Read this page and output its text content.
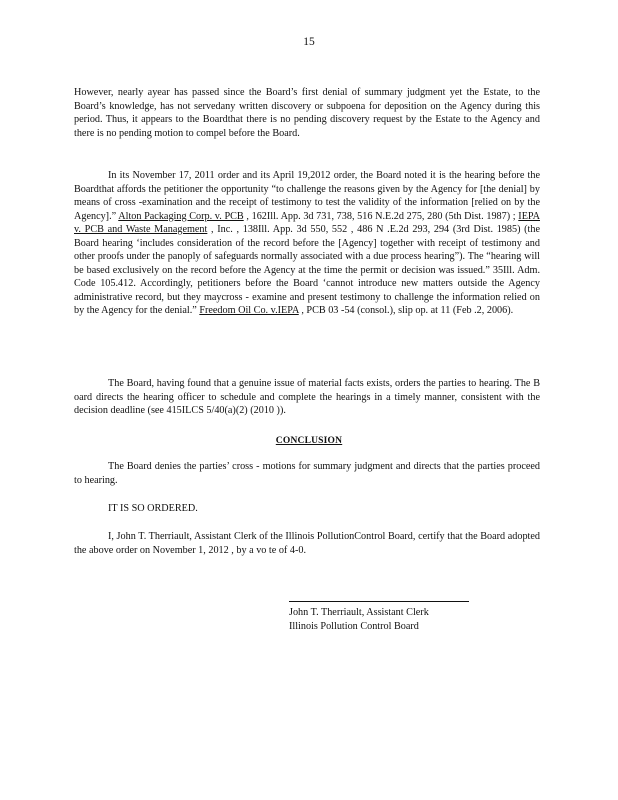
15

However, nearly ayear has passed since the Board’s first denial of summary judgment yet the Estate, to the Board’s knowledge, has not servedany written discovery or subpoena for deposition on the Agency during this period. Thus, it appears to the Boardthat there is no pending discovery request by the Estate to the Agency and there is no pending motion to compel before the Board.

In its November 17, 2011 order and its April 19,2012 order, the Board noted it is the hearing before the Boardthat affords the petitioner the opportunity “to challenge the reasons given by the Agency for [the denial] by means of cross -examination and the receipt of testimony to test the validity of the information [relied on by the Agency].” Alton Packaging Corp. v. PCB , 162Ill. App. 3d 731, 738, 516 N.E.2d 275, 280 (5th Dist. 1987) ; IEPA v. PCB and Waste Management , Inc. , 138Ill. App. 3d 550, 552 , 486 N .E.2d 293, 294 (3rd Dist. 1985) (the Board hearing ‘includes consideration of the record before the [Agency] together with receipt of testimony and other proofs under the panoply of safeguards normally associated with a due process hearing”). The “hearing will be based exclusively on the record before the Agency at the time the permit or decision was issued.” 35Ill. Adm. Code 105.412. Accordingly, petitioners before the Board ‘cannot introduce new matters outside the Agency administrative record, but they maycross - examine and present testimony to challenge the information relied on by the Agency for the denial.” Freedom Oil Co. v.IEPA , PCB 03 -54 (consol.), slip op. at 11 (Feb .2, 2006).

The Board, having found that a genuine issue of material facts exists, orders the parties to hearing. The B oard directs the hearing officer to schedule and complete the hearings in a timely manner, consistent with the decision deadline (see 415ILCS 5/40(a)(2) (2010 )).

CONCLUSION

The Board denies the parties’ cross - motions for summary judgment and directs that the parties proceed to hearing.

IT IS SO ORDERED.

I, John T. Therriault, Assistant Clerk of the Illinois PollutionControl Board, certify that the Board adopted the above order on November 1, 2012 , by a vo te of 4-0.

John T. Therriault, Assistant Clerk
Illinois Pollution Control Board
